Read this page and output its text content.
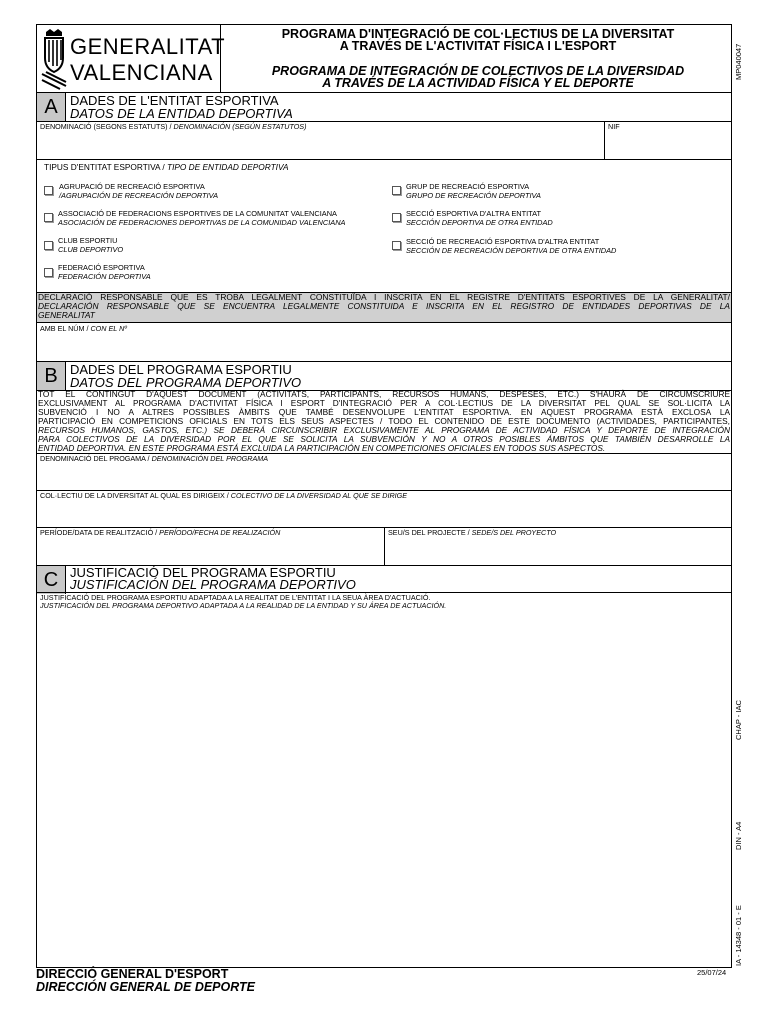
GENERALITAT
VALENCIANA
PROGRAMA D'INTEGRACIÓ DE COL·LECTIUS DE LA DIVERSITAT
A TRAVÉS DE L'ACTIVITAT FÍSICA I L'ESPORT
PROGRAMA DE INTEGRACIÓN DE COLECTIVOS DE LA DIVERSIDAD
A TRAVÉS DE LA ACTIVIDAD FÍSICA Y EL DEPORTE
MP040047
A DADES DE L'ENTITAT ESPORTIVA
DATOS DE LA ENTIDAD DEPORTIVA
DENOMINACIÓ (SEGONS ESTATUTS) / DENOMINACIÓN (SEGÚN ESTATUTOS)	NIF
TIPUS D'ENTITAT ESPORTIVA / TIPO DE ENTIDAD DEPORTIVA
AGRUPACIÓ DE RECREACIÓ ESPORTIVA
/AGRUPACIÓN DE RECREACIÓN DEPORTIVA
ASSOCIACIÓ DE FEDERACIONS ESPORTIVES DE LA COMUNITAT VALENCIANA
ASOCIACIÓN DE FEDERACIONES DEPORTIVAS DE LA COMUNIDAD VALENCIANA
CLUB ESPORTIU
CLUB DEPORTIVO
FEDERACIÓ ESPORTIVA
FEDERACIÓN DEPORTIVA
GRUP DE RECREACIÓ ESPORTIVA
GRUPO DE RECREACIÓN DEPORTIVA
SECCIÓ ESPORTIVA D'ALTRA ENTITAT
SECCIÓN DEPORTIVA DE OTRA ENTIDAD
SECCIÓ DE RECREACIÓ ESPORTIVA D'ALTRA ENTITAT
SECCIÓN DE RECREACIÓN DEPORTIVA DE OTRA ENTIDAD
DECLARACIÓ RESPONSABLE QUE ES TROBA LEGALMENT CONSTITUÏDA I INSCRITA EN EL REGISTRE D'ENTITATS ESPORTIVES DE LA GENERALITAT/
DECLARACIÓN RESPONSABLE QUE SE ENCUENTRA LEGALMENTE CONSTITUIDA E INSCRITA EN EL REGISTRO DE ENTIDADES DEPORTIVAS DE LA
GENERALITAT
AMB EL NÚM / CON EL Nº
B DADES DEL PROGRAMA ESPORTIU
DATOS DEL PROGRAMA DEPORTIVO
TOT EL CONTINGUT D'AQUEST DOCUMENT (ACTIVITATS, PARTICIPANTS, RECURSOS HUMANS, DESPESES, ETC.) S'HAURÀ DE CIRCUMSCRIURE
EXCLUSIVAMENT AL PROGRAMA D'ACTIVITAT FÍSICA I ESPORT D'INTEGRACIÓ PER A COL·LECTIUS DE LA DIVERSITAT PEL QUAL SE SOL·LICITA LA
SUBVENCIÓ I NO A ALTRES POSSIBLES ÀMBITS QUE TAMBÉ DESENVOLUPE L'ENTITAT ESPORTIVA. EN AQUEST PROGRAMA ESTÀ EXCLOSA LA
PARTICIPACIÓ EN COMPETICIONS OFICIALS EN TOTS ELS SEUS ASPECTES / TODO EL CONTENIDO DE ESTE DOCUMENTO (ACTIVIDADES, PARTICIPANTES,
RECURSOS HUMANOS, GASTOS, ETC.) SE DEBERÁ CIRCUNSCRIBIR EXCLUSIVAMENTE AL PROGRAMA DE ACTIVIDAD FÍSICA Y DEPORTE DE INTEGRACIÓN
PARA COLECTIVOS DE LA DIVERSIDAD POR EL QUE SE SOLICITA LA SUBVENCIÓN Y NO A OTROS POSIBLES ÁMBITOS QUE TAMBIÉN DESARROLLE LA
ENTIDAD DEPORTIVA. EN ESTE PROGRAMA ESTÁ EXCLUIDA LA PARTICIPACIÓN EN COMPETICIONES OFICIALES EN TODOS SUS ASPECTOS.
DENOMINACIÓ DEL PROGAMA / DENOMINACIÓN DEL PROGRAMA
COL·LECTIU DE LA DIVERSITAT AL QUAL ES DIRIGEIX / COLECTIVO DE LA DIVERSIDAD AL QUE SE DIRIGE
PERÍODE/DATA DE REALITZACIÓ / PERÍODO/FECHA DE REALIZACIÓN	SEU/S DEL PROJECTE / SEDE/S DEL PROYECTO
C JUSTIFICACIÓ DEL PROGRAMA ESPORTIU
JUSTIFICACIÓN DEL PROGRAMA DEPORTIVO
JUSTIFICACIÓ DEL PROGRAMA ESPORTIU ADAPTADA A LA REALITAT DE L'ENTITAT I LA SEUA ÀREA D'ACTUACIÓ.
JUSTIFICACIÓN DEL PROGRAMA DEPORTIVO ADAPTADA A LA REALIDAD DE LA ENTIDAD Y SU ÁREA DE ACTUACIÓN.
DIRECCIÓ GENERAL D'ESPORT
DIRECCIÓN GENERAL DE DEPORTE
25/07/24
CHAP - IAC
DIN - A4
IA - 14348 - 01 - E
